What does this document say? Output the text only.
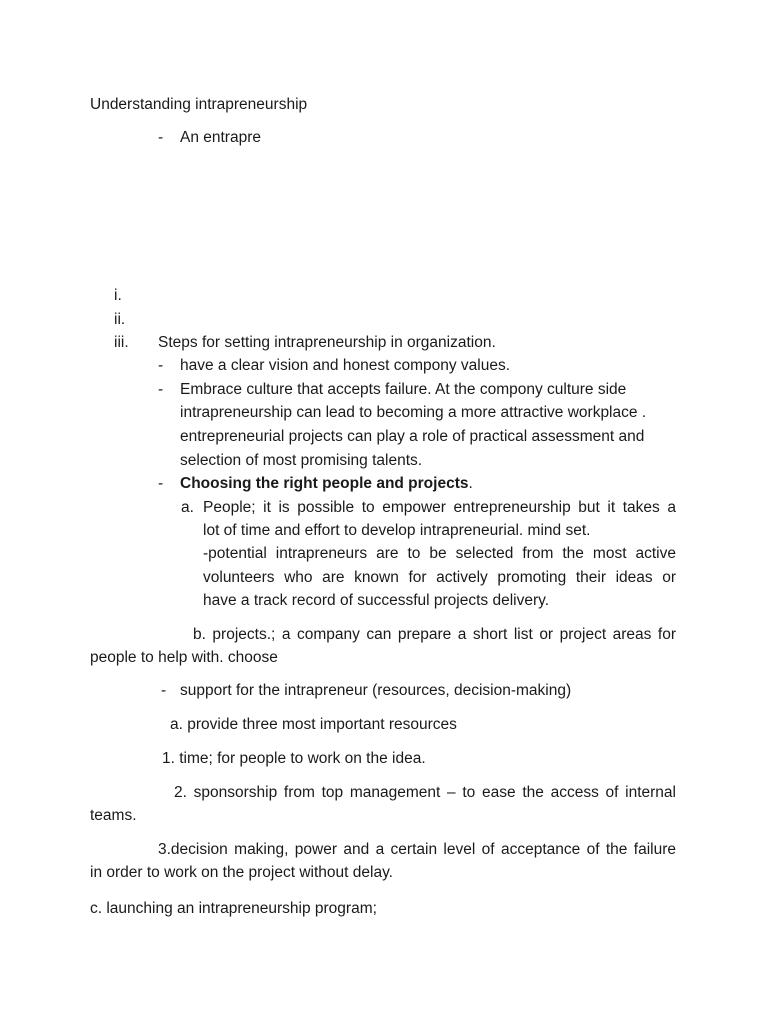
Understanding intrapreneurship
- An entrapre
i.
ii.
iii. Steps for setting intrapreneurship in organization.
- have a clear vision and honest compony values.
- Embrace culture that accepts failure. At the compony culture side
intrapreneurship can lead to becoming a more attractive workplace .
entrepreneurial projects can play a role of practical assessment and
selection of most promising talents.
- Choosing the right people and projects.
a. People; it is possible to empower entrepreneurship but it takes a
lot of time and effort to develop intrapreneurial. mind set.
-potential intrapreneurs are to be selected from the most active
volunteers who are known for actively promoting their ideas or
have a track record of successful projects delivery.
b. projects.; a company can prepare a short list or project areas for
people to help with. choose
- support for the intrapreneur (resources, decision-making)
a. provide three most important resources
1. time; for people to work on the idea.
2. sponsorship from top management – to ease the access of internal
teams.
3.decision making, power and a certain level of acceptance of the failure
in order to work on the project without delay.
c. launching an intrapreneurship program;
